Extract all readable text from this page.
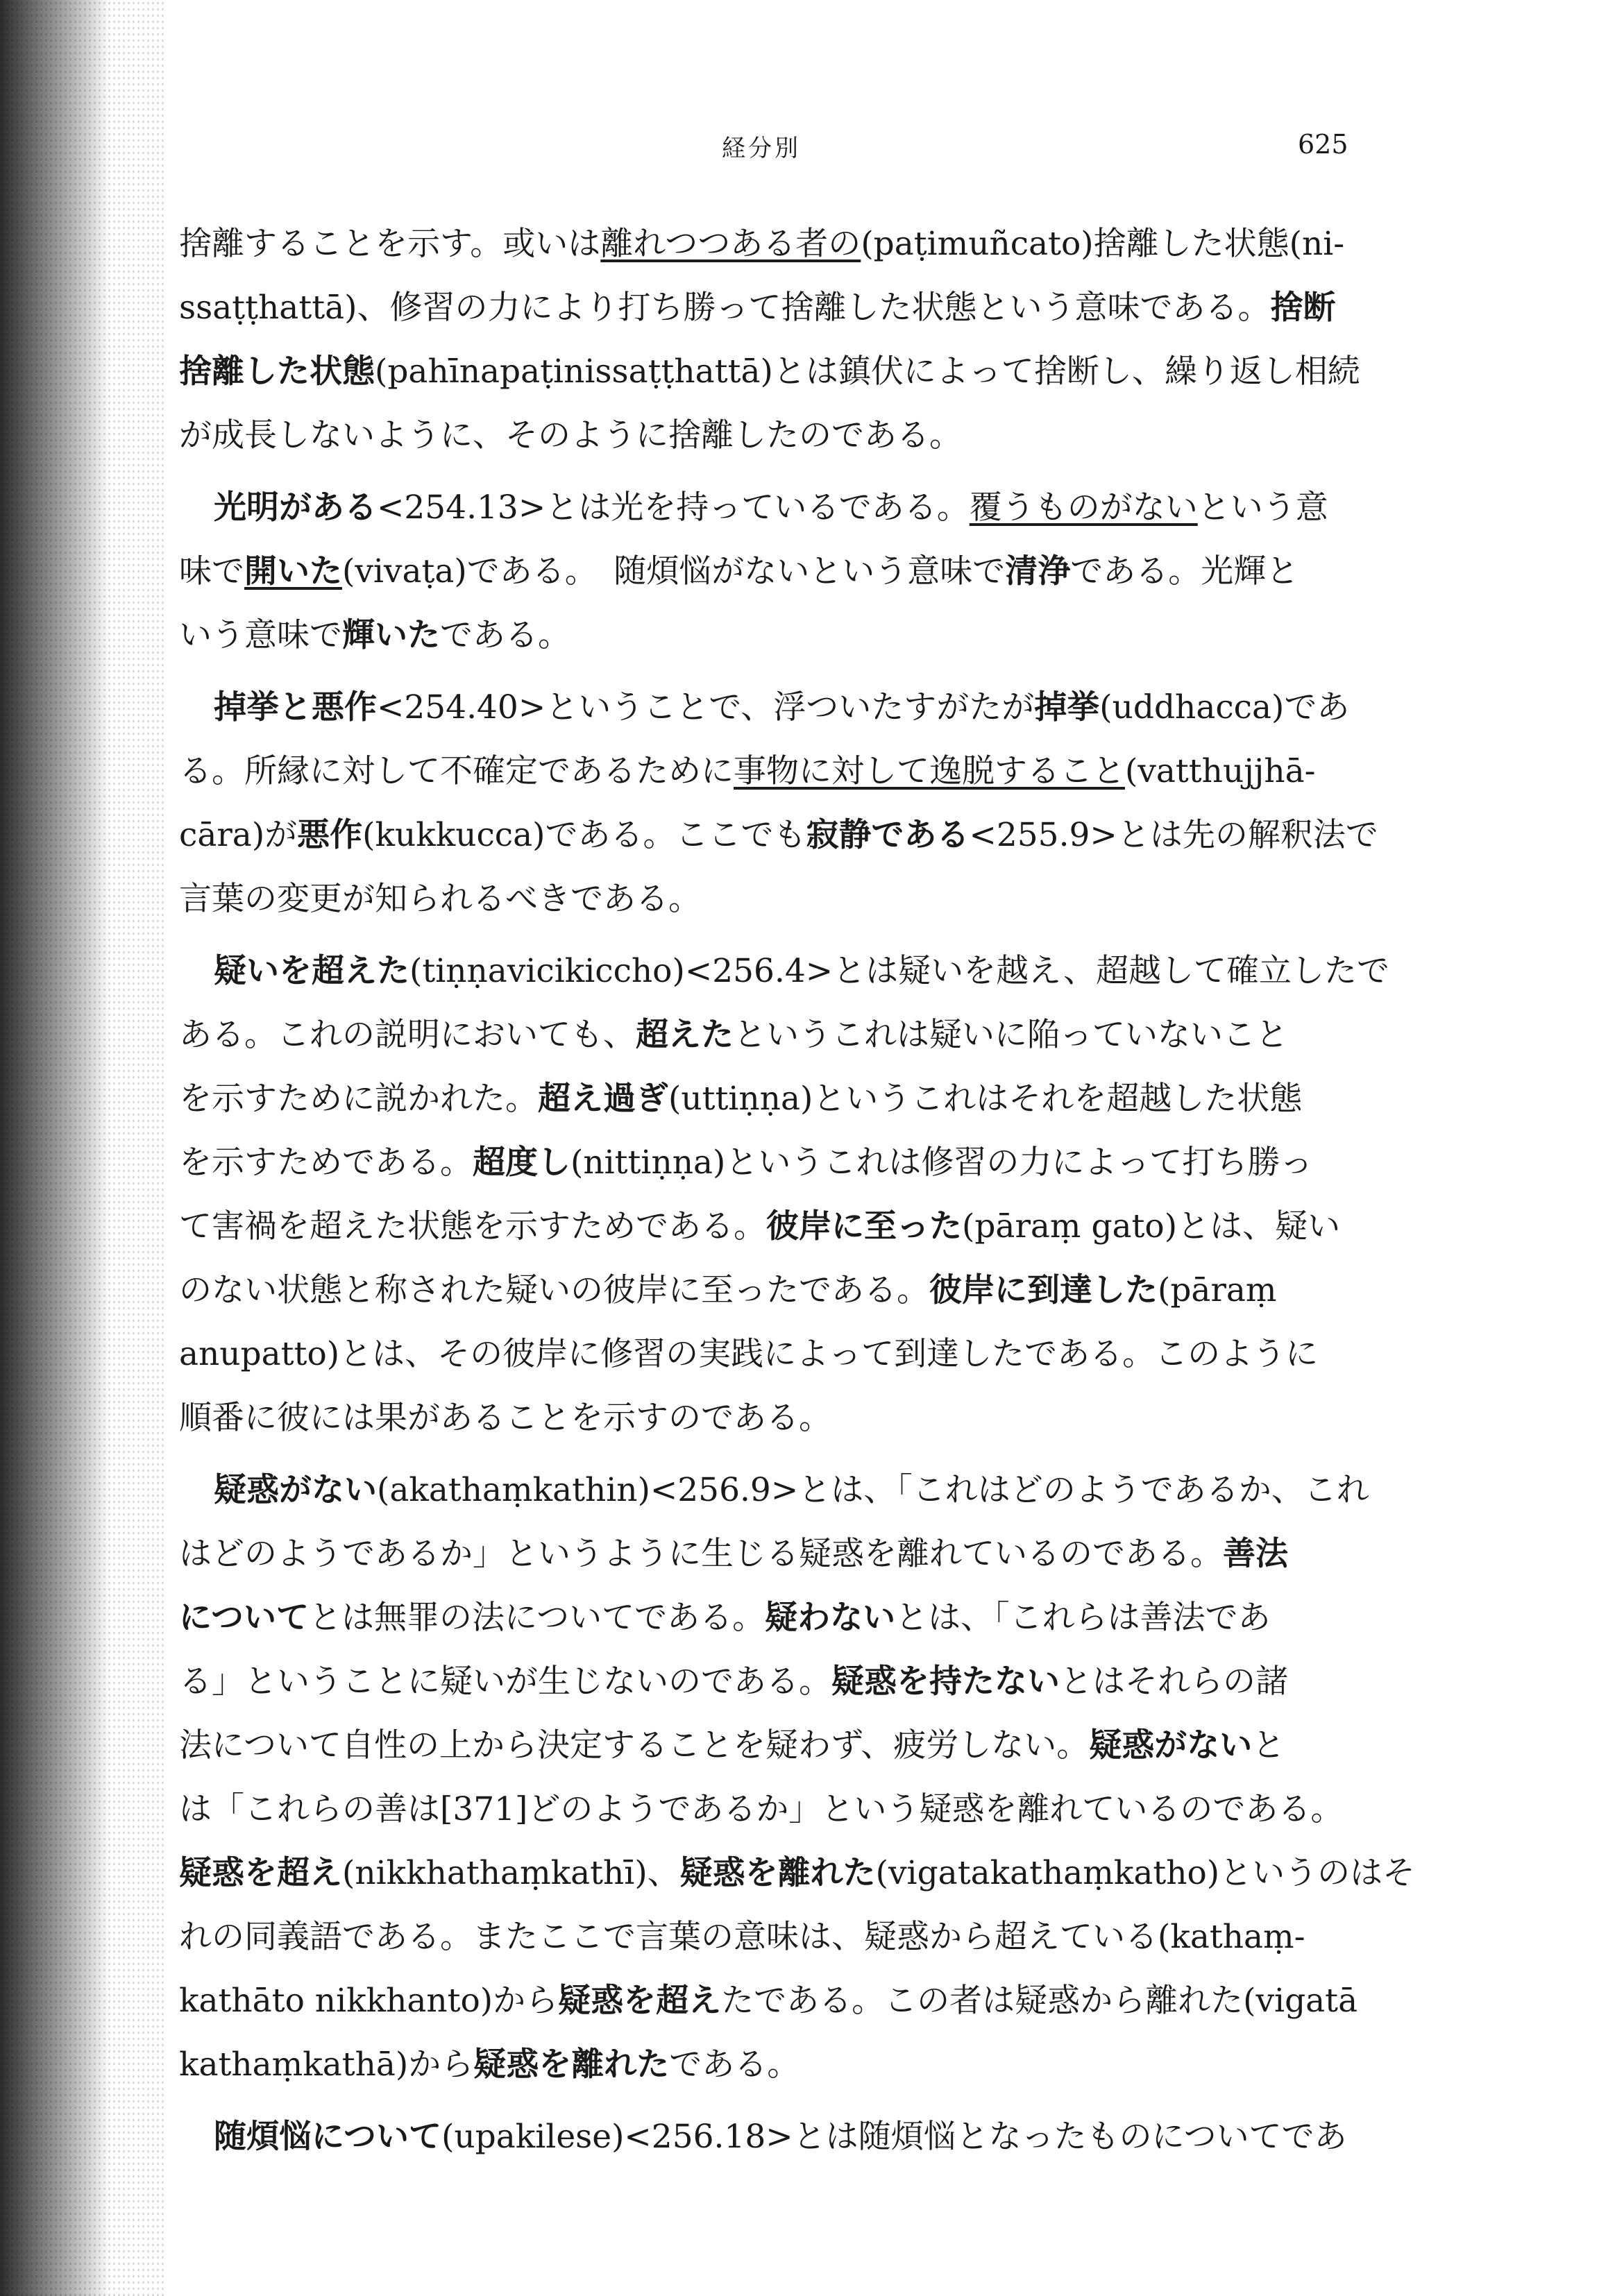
経分別	625
捨離することを示す。或いは離れつつある者の(paṭimuñcato)捨離した状態(ni-
ssaṭṭhattā)、修習の力により打ち勝って捨離した状態という意味である。捨断
捨離した状態(pahīnapaṭinissaṭṭhattā)とは鎮伏によって捨断し、繰り返し相続
が成長しないように、そのように捨離したのである。
光明がある<254.13>とは光を持っているである。覆うものがないという意
味で開いた(vivaṭa)である。　随煩悩がないという意味で清浄である。光輝と
いう意味で輝いたである。
掉挙と悪作<254.40>ということで、浮ついたすがたが掉挙(uddhacca)であ
る。所縁に対して不確定であるために事物に対して逸脱すること(vatthujjhā-
cāra)が悪作(kukkucca)である。ここでも寂静である<255.9>とは先の解釈法で
言葉の変更が知られるべきである。
疑いを超えた(tiṇṇavicikiccho)<256.4>とは疑いを越え、超越して確立したで
ある。これの説明においても、超えたというこれは疑いに陥っていないこと
を示すために説かれた。超え過ぎ(uttiṇṇa)というこれはそれを超越した状態
を示すためである。超度し(nittiṇṇa)というこれは修習の力によって打ち勝っ
て害禍を超えた状態を示すためである。彼岸に至った(pāraṃ gato)とは、疑い
のない状態と称された疑いの彼岸に至ったである。彼岸に到達した(pāraṃ
anupatto)とは、その彼岸に修習の実践によって到達したである。このように
順番に彼には果があることを示すのである。
疑惑がない(akathaṃkathin)<256.9>とは、「これはどのようであるか、これ
はどのようであるか」というように生じる疑惑を離れているのである。善法
についてとは無罪の法についてである。疑わないとは、「これらは善法であ
る」ということに疑いが生じないのである。疑惑を持たないとはそれらの諸
法について自性の上から決定することを疑わず、疲労しない。疑惑がないと
は「これらの善は[371]どのようであるか」という疑惑を離れているのである。
疑惑を超え(nikkhathaṃkathī)、疑惑を離れた(vigatakathaṃkatho)というのはそ
れの同義語である。またここで言葉の意味は、疑惑から超えている(kathaṃ-
kathāto nikkhanto)から疑惑を超えたである。この者は疑惑から離れた(vigatā
kathaṃkathā)から疑惑を離れたである。
随煩悩について(upakilese)<256.18>とは随煩悩となったものについてであ
